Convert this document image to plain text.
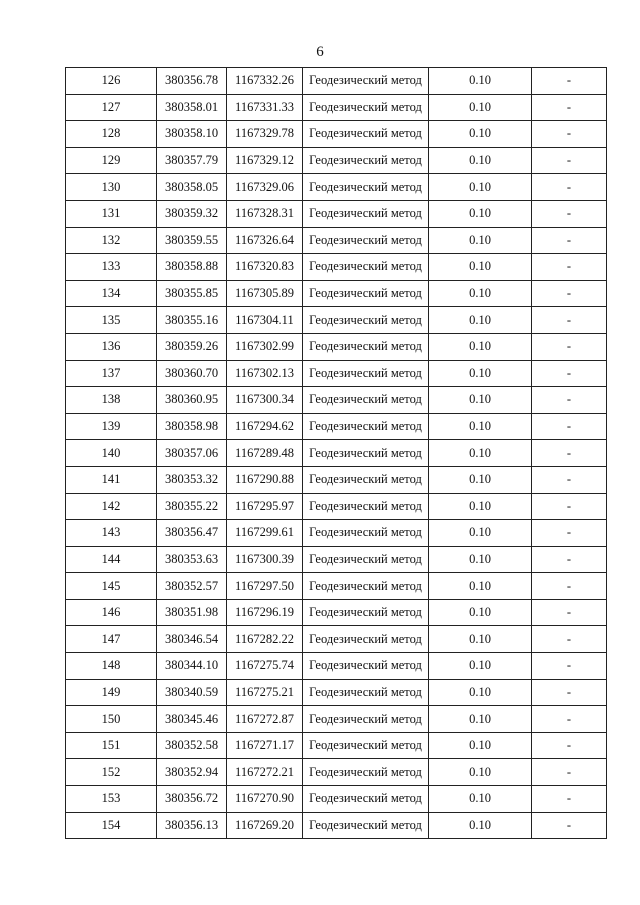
6
126	380356.78	1167332.26	Геодезический метод	0.10	-
127	380358.01	1167331.33	Геодезический метод	0.10	-
128	380358.10	1167329.78	Геодезический метод	0.10	-
129	380357.79	1167329.12	Геодезический метод	0.10	-
130	380358.05	1167329.06	Геодезический метод	0.10	-
131	380359.32	1167328.31	Геодезический метод	0.10	-
132	380359.55	1167326.64	Геодезический метод	0.10	-
133	380358.88	1167320.83	Геодезический метод	0.10	-
134	380355.85	1167305.89	Геодезический метод	0.10	-
135	380355.16	1167304.11	Геодезический метод	0.10	-
136	380359.26	1167302.99	Геодезический метод	0.10	-
137	380360.70	1167302.13	Геодезический метод	0.10	-
138	380360.95	1167300.34	Геодезический метод	0.10	-
139	380358.98	1167294.62	Геодезический метод	0.10	-
140	380357.06	1167289.48	Геодезический метод	0.10	-
141	380353.32	1167290.88	Геодезический метод	0.10	-
142	380355.22	1167295.97	Геодезический метод	0.10	-
143	380356.47	1167299.61	Геодезический метод	0.10	-
144	380353.63	1167300.39	Геодезический метод	0.10	-
145	380352.57	1167297.50	Геодезический метод	0.10	-
146	380351.98	1167296.19	Геодезический метод	0.10	-
147	380346.54	1167282.22	Геодезический метод	0.10	-
148	380344.10	1167275.74	Геодезический метод	0.10	-
149	380340.59	1167275.21	Геодезический метод	0.10	-
150	380345.46	1167272.87	Геодезический метод	0.10	-
151	380352.58	1167271.17	Геодезический метод	0.10	-
152	380352.94	1167272.21	Геодезический метод	0.10	-
153	380356.72	1167270.90	Геодезический метод	0.10	-
154	380356.13	1167269.20	Геодезический метод	0.10	-
